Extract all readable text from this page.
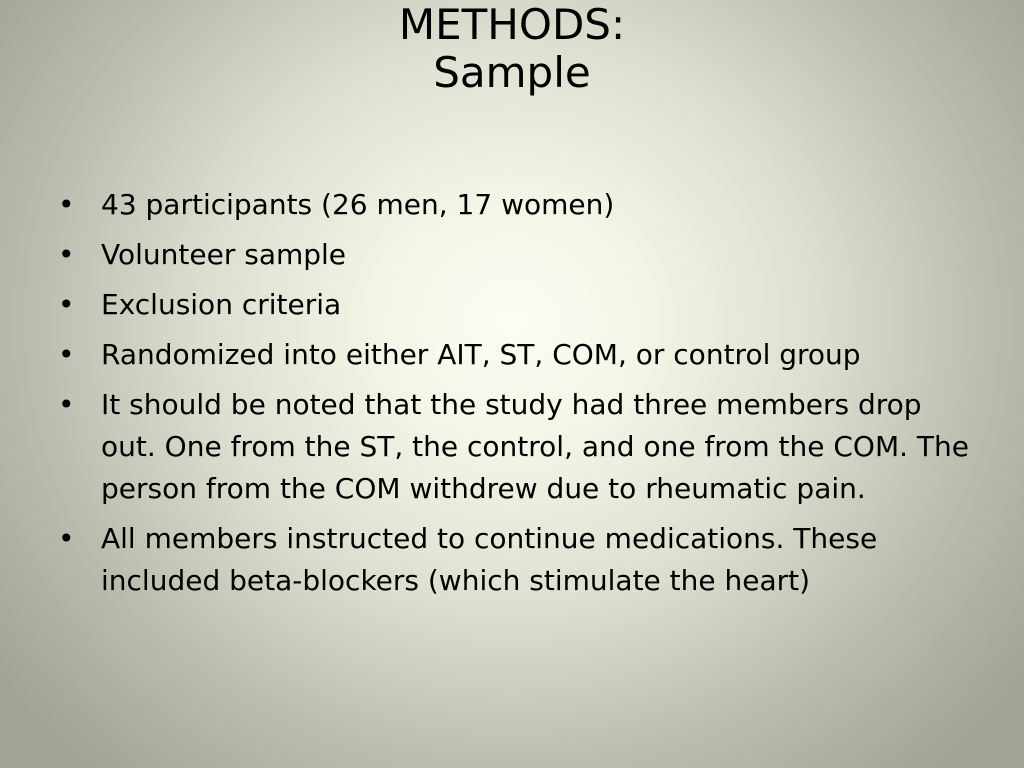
METHODS:
Sample
• 43 participants (26 men, 17 women)
• Volunteer sample
• Exclusion criteria
• Randomized into either AIT, ST, COM, or control group
• It should be noted that the study had three members drop out. One from the ST, the control, and one from the COM. The person from the COM withdrew due to rheumatic pain.
• All members instructed to continue medications. These included beta-blockers (which stimulate the heart)
